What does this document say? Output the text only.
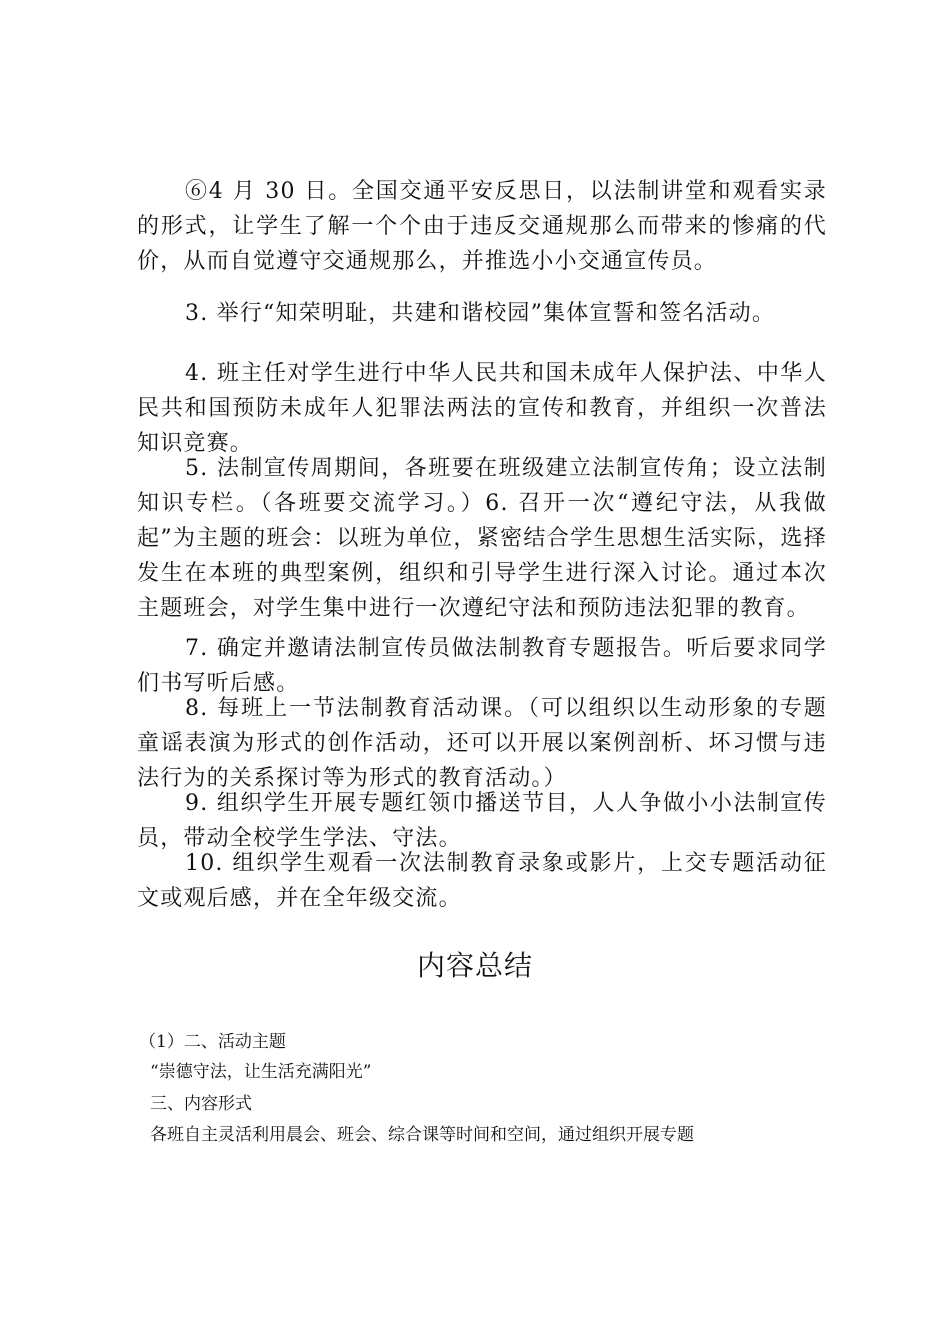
⑥4 月 30 日。全国交通平安反思日，以法制讲堂和观看实录的形式，让学生了解一个个由于违反交通规那么而带来的惨痛的代价，从而自觉遵守交通规那么，并推选小小交通宣传员。

3. 举行“知荣明耻，共建和谐校园”集体宣誓和签名活动。

4. 班主任对学生进行中华人民共和国未成年人保护法、中华人民共和国预防未成年人犯罪法两法的宣传和教育，并组织一次普法知识竞赛。

5. 法制宣传周期间，各班要在班级建立法制宣传角；设立法制知识专栏。（各班要交流学习。）6. 召开一次“遵纪守法，从我做起”为主题的班会：以班为单位，紧密结合学生思想生活实际，选择发生在本班的典型案例，组织和引导学生进行深入讨论。通过本次主题班会，对学生集中进行一次遵纪守法和预防违法犯罪的教育。

7. 确定并邀请法制宣传员做法制教育专题报告。听后要求同学们书写听后感。

8. 每班上一节法制教育活动课。（可以组织以生动形象的专题童谣表演为形式的创作活动，还可以开展以案例剖析、坏习惯与违法行为的关系探讨等为形式的教育活动。）

9. 组织学生开展专题红领巾播送节目，人人争做小小法制宣传员，带动全校学生学法、守法。

10. 组织学生观看一次法制教育录象或影片，上交专题活动征文或观后感，并在全年级交流。

内容总结

（1）二、活动主题

“崇德守法，让生活充满阳光”

三、内容形式

各班自主灵活利用晨会、班会、综合课等时间和空间，通过组织开展专题
